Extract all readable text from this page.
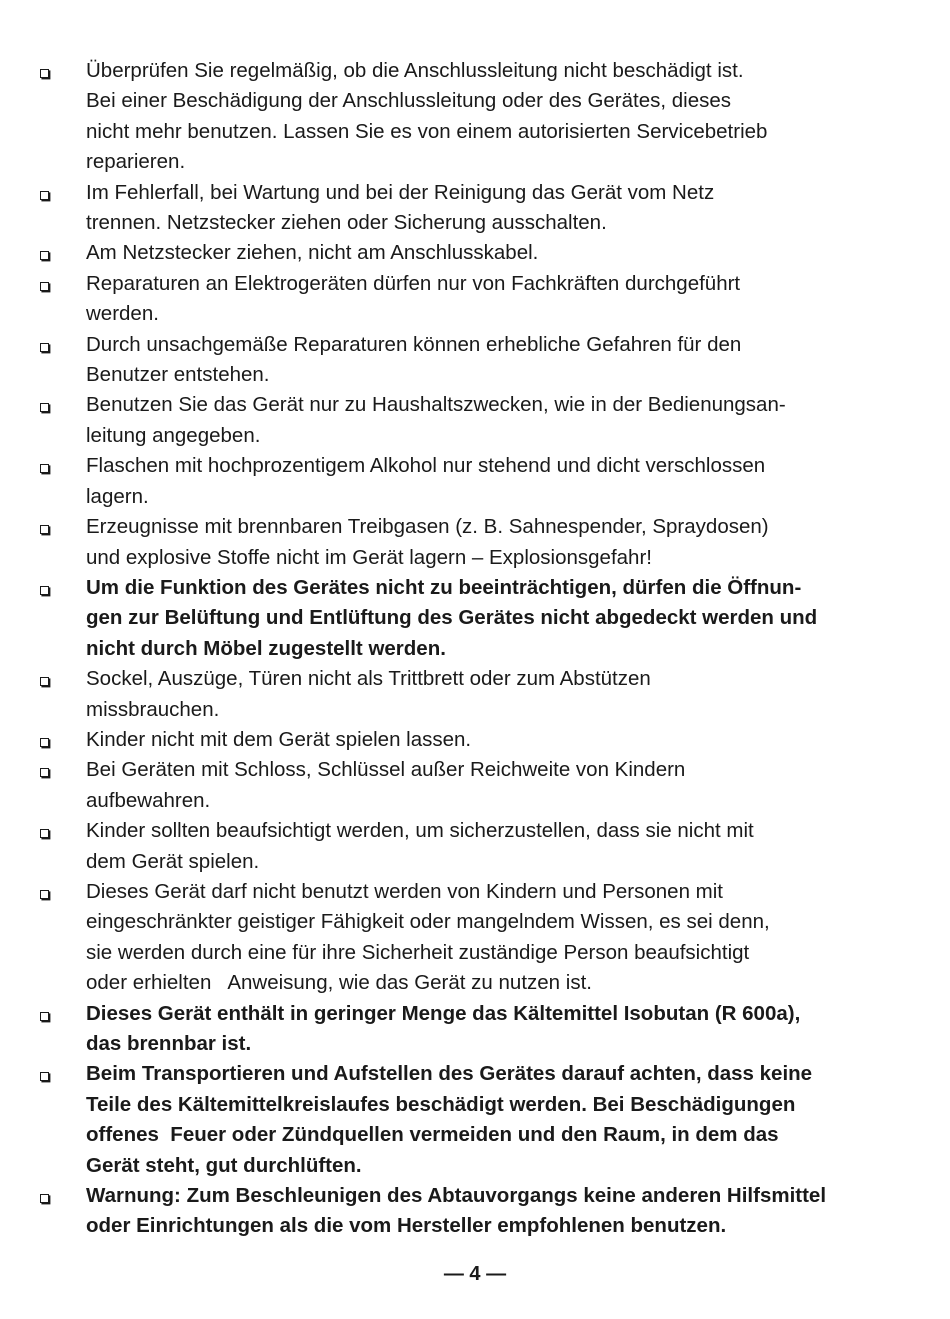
Überprüfen Sie regelmäßig, ob die Anschlussleitung nicht beschädigt ist.
Bei einer Beschädigung der Anschlussleitung oder des Gerätes, dieses
nicht mehr benutzen. Lassen Sie es von einem autorisierten Servicebetrieb
reparieren.
Im Fehlerfall, bei Wartung und bei der Reinigung das Gerät vom Netz
trennen. Netzstecker ziehen oder Sicherung ausschalten.
Am Netzstecker ziehen, nicht am Anschlusskabel.
Reparaturen an Elektrogeräten dürfen nur von Fachkräften durchgeführt
werden.
Durch unsachgemäße Reparaturen können erhebliche Gefahren für den
Benutzer entstehen.
Benutzen Sie das Gerät nur zu Haushaltszwecken, wie in der Bedienungsan-
leitung angegeben.
Flaschen mit hochprozentigem Alkohol nur stehend und dicht verschlossen
lagern.
Erzeugnisse mit brennbaren Treibgasen (z. B. Sahnespender, Spraydosen)
und explosive Stoffe nicht im Gerät lagern – Explosionsgefahr!
Um die Funktion des Gerätes nicht zu beeinträchtigen, dürfen die Öffnun-
gen zur Belüftung und Entlüftung des Gerätes nicht abgedeckt werden und
nicht durch Möbel zugestellt werden.
Sockel, Auszüge, Türen nicht als Trittbrett oder zum Abstützen
missbrauchen.
Kinder nicht mit dem Gerät spielen lassen.
Bei Geräten mit Schloss, Schlüssel außer Reichweite von Kindern
aufbewahren.
Kinder sollten beaufsichtigt werden, um sicherzustellen, dass sie nicht mit
dem Gerät spielen.
Dieses Gerät darf nicht benutzt werden von Kindern und Personen mit
eingeschränkter geistiger Fähigkeit oder mangelndem Wissen, es sei denn,
sie werden durch eine für ihre Sicherheit zuständige Person beaufsichtigt
oder erhielten   Anweisung, wie das Gerät zu nutzen ist.
Dieses Gerät enthält in geringer Menge das Kältemittel Isobutan (R 600a),
das brennbar ist.
Beim Transportieren und Aufstellen des Gerätes darauf achten, dass keine
Teile des Kältemittelkreislaufes beschädigt werden. Bei Beschädigungen
offenes  Feuer oder Zündquellen vermeiden und den Raum, in dem das
Gerät steht, gut durchlüften.
Warnung: Zum Beschleunigen des Abtauvorgangs keine anderen Hilfsmittel
oder Einrichtungen als die vom Hersteller empfohlenen benutzen.
— 4 —
